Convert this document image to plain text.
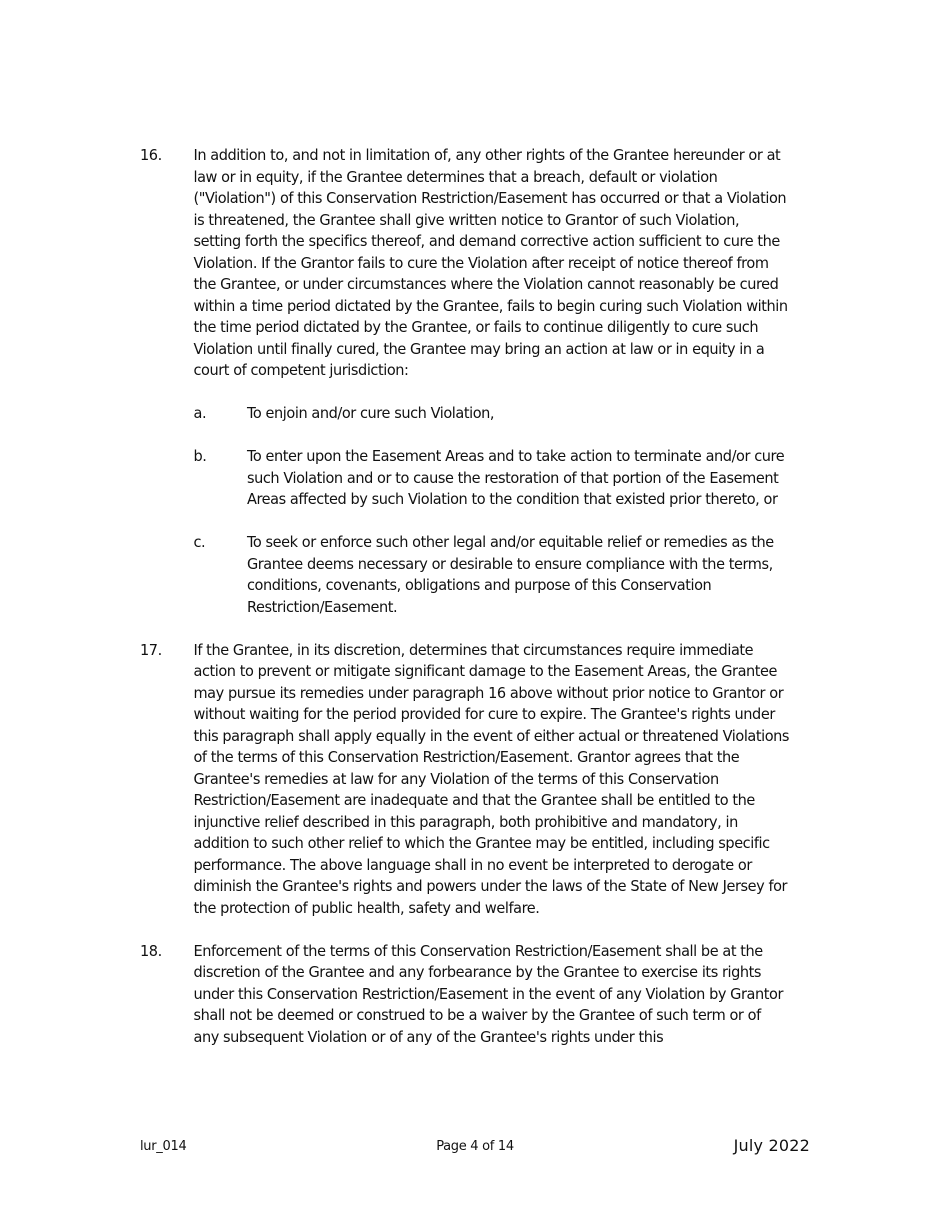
16.	In addition to, and not in limitation of, any other rights of the Grantee hereunder or at law or in equity, if the Grantee determines that a breach, default or violation ("Violation") of this Conservation Restriction/Easement has occurred or that a Violation is threatened, the Grantee shall give written notice to Grantor of such Violation, setting forth the specifics thereof, and demand corrective action sufficient to cure the Violation. If the Grantor fails to cure the Violation after receipt of notice thereof from the Grantee, or under circumstances where the Violation cannot reasonably be cured within a time period dictated by the Grantee, fails to begin curing such Violation within the time period dictated by the Grantee, or fails to continue diligently to cure such Violation until finally cured, the Grantee may bring an action at law or in equity in a court of competent jurisdiction:
a.	To enjoin and/or cure such Violation,
b.	To enter upon the Easement Areas and to take action to terminate and/or cure such Violation and or to cause the restoration of that portion of the Easement Areas affected by such Violation to the condition that existed prior thereto, or
c.	To seek or enforce such other legal and/or equitable relief or remedies as the Grantee deems necessary or desirable to ensure compliance with the terms, conditions, covenants, obligations and purpose of this Conservation Restriction/Easement.
17.	If the Grantee, in its discretion, determines that circumstances require immediate action to prevent or mitigate significant damage to the Easement Areas, the Grantee may pursue its remedies under paragraph 16 above without prior notice to Grantor or without waiting for the period provided for cure to expire. The Grantee's rights under this paragraph shall apply equally in the event of either actual or threatened Violations of the terms of this Conservation Restriction/Easement. Grantor agrees that the Grantee's remedies at law for any Violation of the terms of this Conservation Restriction/Easement are inadequate and that the Grantee shall be entitled to the injunctive relief described in this paragraph, both prohibitive and mandatory, in addition to such other relief to which the Grantee may be entitled, including specific performance. The above language shall in no event be interpreted to derogate or diminish the Grantee's rights and powers under the laws of the State of New Jersey for the protection of public health, safety and welfare.
18.	Enforcement of the terms of this Conservation Restriction/Easement shall be at the discretion of the Grantee and any forbearance by the Grantee to exercise its rights under this Conservation Restriction/Easement in the event of any Violation by Grantor shall not be deemed or construed to be a waiver by the Grantee of such term or of any subsequent Violation or of any of the Grantee's rights under this
lur_014	Page 4 of 14	July 2022
